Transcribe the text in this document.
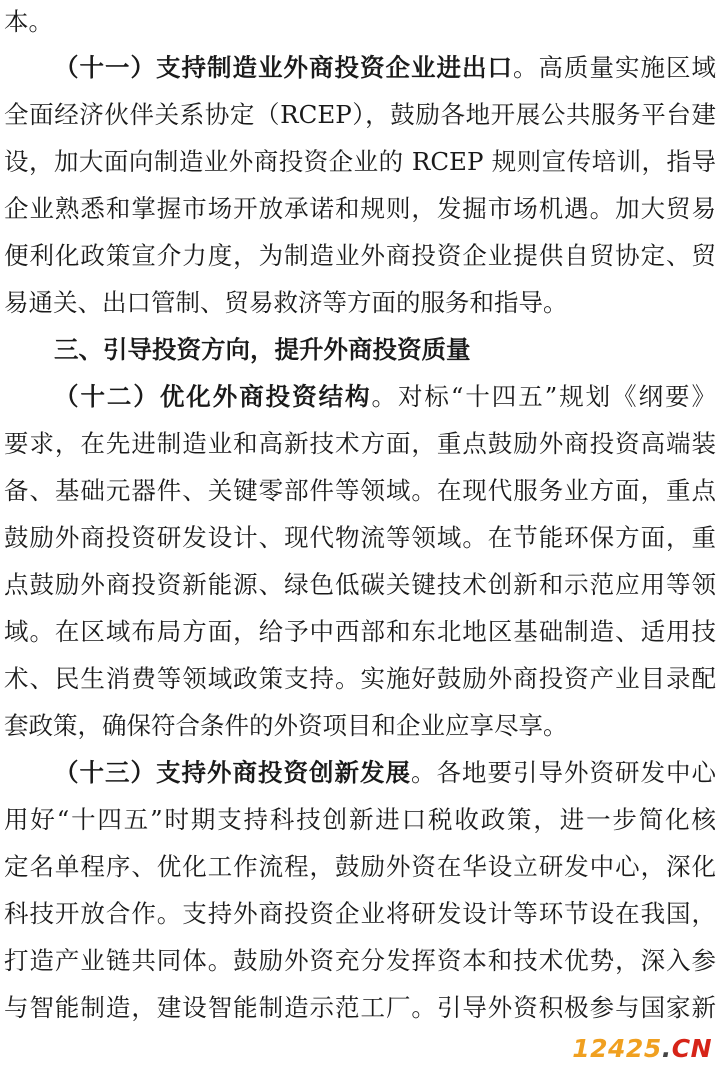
本。
（十一）支持制造业外商投资企业进出口。高质量实施区域
全面经济伙伴关系协定（RCEP），鼓励各地开展公共服务平台建
设，加大面向制造业外商投资企业的 RCEP 规则宣传培训，指导
企业熟悉和掌握市场开放承诺和规则，发掘市场机遇。加大贸易
便利化政策宣介力度，为制造业外商投资企业提供自贸协定、贸
易通关、出口管制、贸易救济等方面的服务和指导。
三、引导投资方向，提升外商投资质量
（十二）优化外商投资结构。对标“十四五”规划《纲要》
要求，在先进制造业和高新技术方面，重点鼓励外商投资高端装
备、基础元器件、关键零部件等领域。在现代服务业方面，重点
鼓励外商投资研发设计、现代物流等领域。在节能环保方面，重
点鼓励外商投资新能源、绿色低碳关键技术创新和示范应用等领
域。在区域布局方面，给予中西部和东北地区基础制造、适用技
术、民生消费等领域政策支持。实施好鼓励外商投资产业目录配
套政策，确保符合条件的外资项目和企业应享尽享。
（十三）支持外商投资创新发展。各地要引导外资研发中心
用好“十四五”时期支持科技创新进口税收政策，进一步简化核
定名单程序、优化工作流程，鼓励外资在华设立研发中心，深化
科技开放合作。支持外商投资企业将研发设计等环节设在我国，
打造产业链共同体。鼓励外资充分发挥资本和技术优势，深入参
与智能制造，建设智能制造示范工厂。引导外资积极参与国家新
12425.CN
